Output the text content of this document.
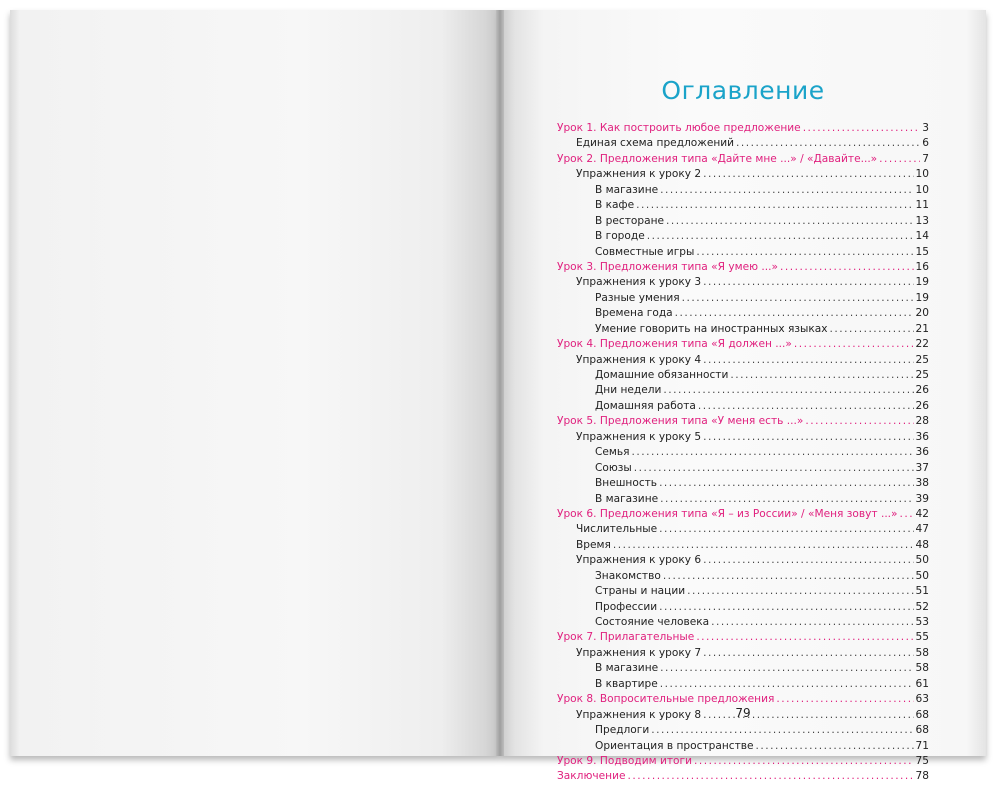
Оглавление
Урок 1. Как построить любое предложение .....	3
Единая схема предложений .....	6
Урок 2. Предложения типа «Дайте мне ...» / «Давайте...» .....	7
Упражнения к уроку 2 .....	10
В магазине .....	10
В кафе .....	11
В ресторане .....	13
В городе .....	14
Совместные игры .....	15
Урок 3. Предложения типа «Я умею ...» .....	16
Упражнения к уроку 3 .....	19
Разные умения .....	19
Времена года .....	20
Умение говорить на иностранных языках .....	21
Урок 4. Предложения типа «Я должен ...» .....	22
Упражнения к уроку 4 .....	25
Домашние обязанности .....	25
Дни недели .....	26
Домашняя работа .....	26
Урок 5. Предложения типа «У меня есть ...» .....	28
Упражнения к уроку 5 .....	36
Семья .....	36
Союзы .....	37
Внешность .....	38
В магазине .....	39
Урок 6. Предложения типа «Я – из России» / «Меня зовут ...» ..... 42
Числительные .....	47
Время .....	48
Упражнения к уроку 6 .....	50
Знакомство .....	50
Страны и нации .....	51
Профессии .....	52
Состояние человека .....	53
Урок 7. Прилагательные .....	55
Упражнения к уроку 7 .....	58
В магазине .....	58
В квартире .....	61
Урок 8. Вопросительные предложения .....	63
Упражнения к уроку 8 .....	68
Предлоги .....	68
Ориентация в пространстве .....	71
Урок 9. Подводим итоги .....	75
Заключение .....	78
79
